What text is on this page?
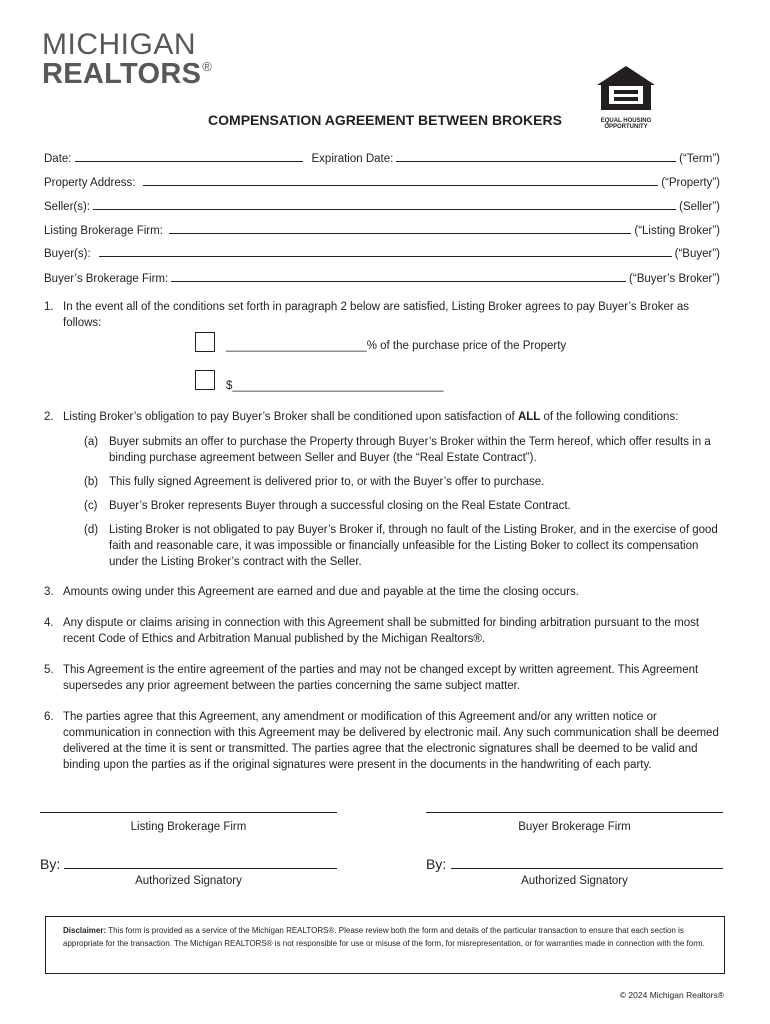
MICHIGAN
REALTORS®
EQUAL HOUSING
OPPORTUNITY
COMPENSATION AGREEMENT BETWEEN BROKERS
Date:	Expiration Date:	(“Term”)
Property Address:	(“Property”)
Seller(s):	(Seller”)
Listing Brokerage Firm:	(“Listing Broker”)
Buyer(s):	(“Buyer”)
Buyer’s Brokerage Firm:	(“Buyer’s Broker”)
1. In the event all of the conditions set forth in paragraph 2 below are satisfied, Listing Broker agrees to pay Buyer’s Broker as follows:
______________________% of the purchase price of the Property
$_________________________________
2. Listing Broker’s obligation to pay Buyer’s Broker shall be conditioned upon satisfaction of ALL of the following conditions:
(a) Buyer submits an offer to purchase the Property through Buyer’s Broker within the Term hereof, which offer results in a binding purchase agreement between Seller and Buyer (the “Real Estate Contract”).
(b) This fully signed Agreement is delivered prior to, or with the Buyer’s offer to purchase.
(c) Buyer’s Broker represents Buyer through a successful closing on the Real Estate Contract.
(d) Listing Broker is not obligated to pay Buyer’s Broker if, through no fault of the Listing Broker, and in the exercise of good faith and reasonable care, it was impossible or financially unfeasible for the Listing Boker to collect its compensation under the Listing Broker’s contract with the Seller.
3. Amounts owing under this Agreement are earned and due and payable at the time the closing occurs.
4. Any dispute or claims arising in connection with this Agreement shall be submitted for binding arbitration pursuant to the most recent Code of Ethics and Arbitration Manual published by the Michigan Realtors®.
5. This Agreement is the entire agreement of the parties and may not be changed except by written agreement. This Agreement supersedes any prior agreement between the parties concerning the same subject matter.
6. The parties agree that this Agreement, any amendment or modification of this Agreement and/or any written notice or communication in connection with this Agreement may be delivered by electronic mail. Any such communication shall be deemed delivered at the time it is sent or transmitted. The parties agree that the electronic signatures shall be deemed to be valid and binding upon the parties as if the original signatures were present in the documents in the handwriting of each party.
Listing Brokerage Firm	Buyer Brokerage Firm
By:	By:
Authorized Signatory	Authorized Signatory
Disclaimer: This form is provided as a service of the Michigan REALTORS®. Please review both the form and details of the particular transaction to ensure that each section is appropriate for the transaction. The Michigan REALTORS® is not responsible for use or misuse of the form, for misrepresentation, or for warranties made in connection with the form.
© 2024 Michigan Realtors®
